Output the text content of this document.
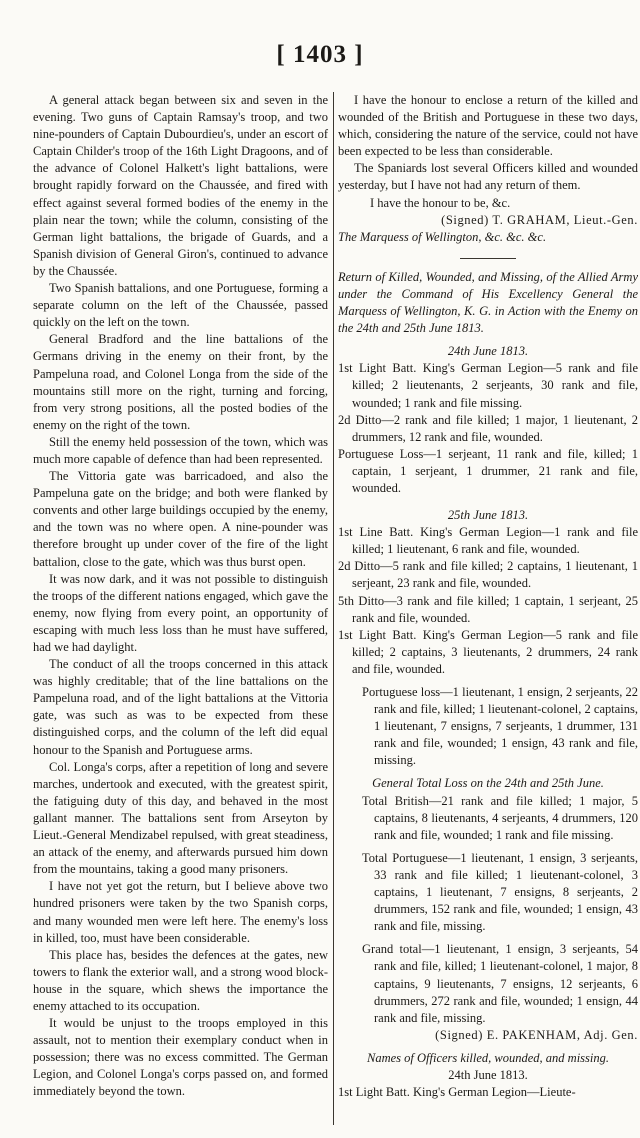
[ 1403 ]

A general attack began between six and seven in the evening. Two guns of Captain Ramsay's troop, and two nine-pounders of Captain Dubourdieu's, under an escort of Captain Childer's troop of the 16th Light Dragoons, and of the advance of Colonel Halkett's light battalions, were brought rapidly forward on the Chaussée, and fired with effect against several formed bodies of the enemy in the plain near the town; while the column, consisting of the German light battalions, the brigade of Guards, and a Spanish division of General Giron's, continued to advance by the Chaussée.

Two Spanish battalions, and one Portuguese, forming a separate column on the left of the Chaussée, passed quickly on the left on the town.

General Bradford and the line battalions of the Germans driving in the enemy on their front, by the Pampeluna road, and Colonel Longa from the side of the mountains still more on the right, turning and forcing, from very strong positions, all the posted bodies of the enemy on the right of the town.

Still the enemy held possession of the town, which was much more capable of defence than had been represented.

The Vittoria gate was barricadoed, and also the Pampeluna gate on the bridge; and both were flanked by convents and other large buildings occupied by the enemy, and the town was no where open. A nine-pounder was therefore brought up under cover of the fire of the light battalion, close to the gate, which was thus burst open.

It was now dark, and it was not possible to distinguish the troops of the different nations engaged, which gave the enemy, now flying from every point, an opportunity of escaping with much less loss than he must have suffered, had we had daylight.

The conduct of all the troops concerned in this attack was highly creditable; that of the line battalions on the Pampeluna road, and of the light battalions at the Vittoria gate, was such as was to be expected from these distinguished corps, and the column of the left did equal honour to the Spanish and Portuguese arms.

Col. Longa's corps, after a repetition of long and severe marches, undertook and executed, with the greatest spirit, the fatiguing duty of this day, and behaved in the most gallant manner. The battalions sent from Arseyton by Lieut.-General Mendizabel repulsed, with great steadiness, an attack of the enemy, and afterwards pursued him down from the mountains, taking a good many prisoners.

I have not yet got the return, but I believe above two hundred prisoners were taken by the two Spanish corps, and many wounded men were left here. The enemy's loss in killed, too, must have been considerable.

This place has, besides the defences at the gates, new towers to flank the exterior wall, and a strong wood block-house in the square, which shews the importance the enemy attached to its occupation.

It would be unjust to the troops employed in this assault, not to mention their exemplary conduct when in possession; there was no excess committed. The German Legion, and Colonel Longa's corps passed on, and formed immediately beyond the town.

I have the honour to enclose a return of the killed and wounded of the British and Portuguese in these two days, which, considering the nature of the service, could not have been expected to be less than considerable.

The Spaniards lost several Officers killed and wounded yesterday, but I have not had any return of them.

I have the honour to be, &c.

(Signed) T. GRAHAM, Lieut.-Gen.

The Marquess of Wellington, &c. &c. &c.

Return of Killed, Wounded, and Missing, of the Allied Army under the Command of His Excellency General the Marquess of Wellington, K. G. in Action with the Enemy on the 24th and 25th June 1813.

24th June 1813.

1st Light Batt. King's German Legion—5 rank and file killed; 2 lieutenants, 2 serjeants, 30 rank and file, wounded; 1 rank and file missing.

2d Ditto—2 rank and file killed; 1 major, 1 lieutenant, 2 drummers, 12 rank and file, wounded.

Portuguese Loss—1 serjeant, 11 rank and file, killed; 1 captain, 1 serjeant, 1 drummer, 21 rank and file, wounded.

25th June 1813.

1st Line Batt. King's German Legion—1 rank and file killed; 1 lieutenant, 6 rank and file, wounded.

2d Ditto—5 rank and file killed; 2 captains, 1 lieutenant, 1 serjeant, 23 rank and file, wounded.

5th Ditto—3 rank and file killed; 1 captain, 1 serjeant, 25 rank and file, wounded.

1st Light Batt. King's German Legion—5 rank and file killed; 2 captains, 3 lieutenants, 2 drummers, 24 rank and file, wounded.

Portuguese loss—1 lieutenant, 1 ensign, 2 serjeants, 22 rank and file, killed; 1 lieutenant-colonel, 2 captains, 1 lieutenant, 7 ensigns, 7 serjeants, 1 drummer, 131 rank and file, wounded; 1 ensign, 43 rank and file, missing.

General Total Loss on the 24th and 25th June.

Total British—21 rank and file killed; 1 major, 5 captains, 8 lieutenants, 4 serjeants, 4 drummers, 120 rank and file, wounded; 1 rank and file missing.

Total Portuguese—1 lieutenant, 1 ensign, 3 serjeants, 33 rank and file killed; 1 lieutenant-colonel, 3 captains, 1 lieutenant, 7 ensigns, 8 serjeants, 2 drummers, 152 rank and file, wounded; 1 ensign, 43 rank and file, missing.

Grand total—1 lieutenant, 1 ensign, 3 serjeants, 54 rank and file, killed; 1 lieutenant-colonel, 1 major, 8 captains, 9 lieutenants, 7 ensigns, 12 serjeants, 6 drummers, 272 rank and file, wounded; 1 ensign, 44 rank and file, missing.

(Signed) E. PAKENHAM, Adj. Gen.

Names of Officers killed, wounded, and missing.

24th June 1813.

1st Light Batt. King's German Legion—Lieute-
